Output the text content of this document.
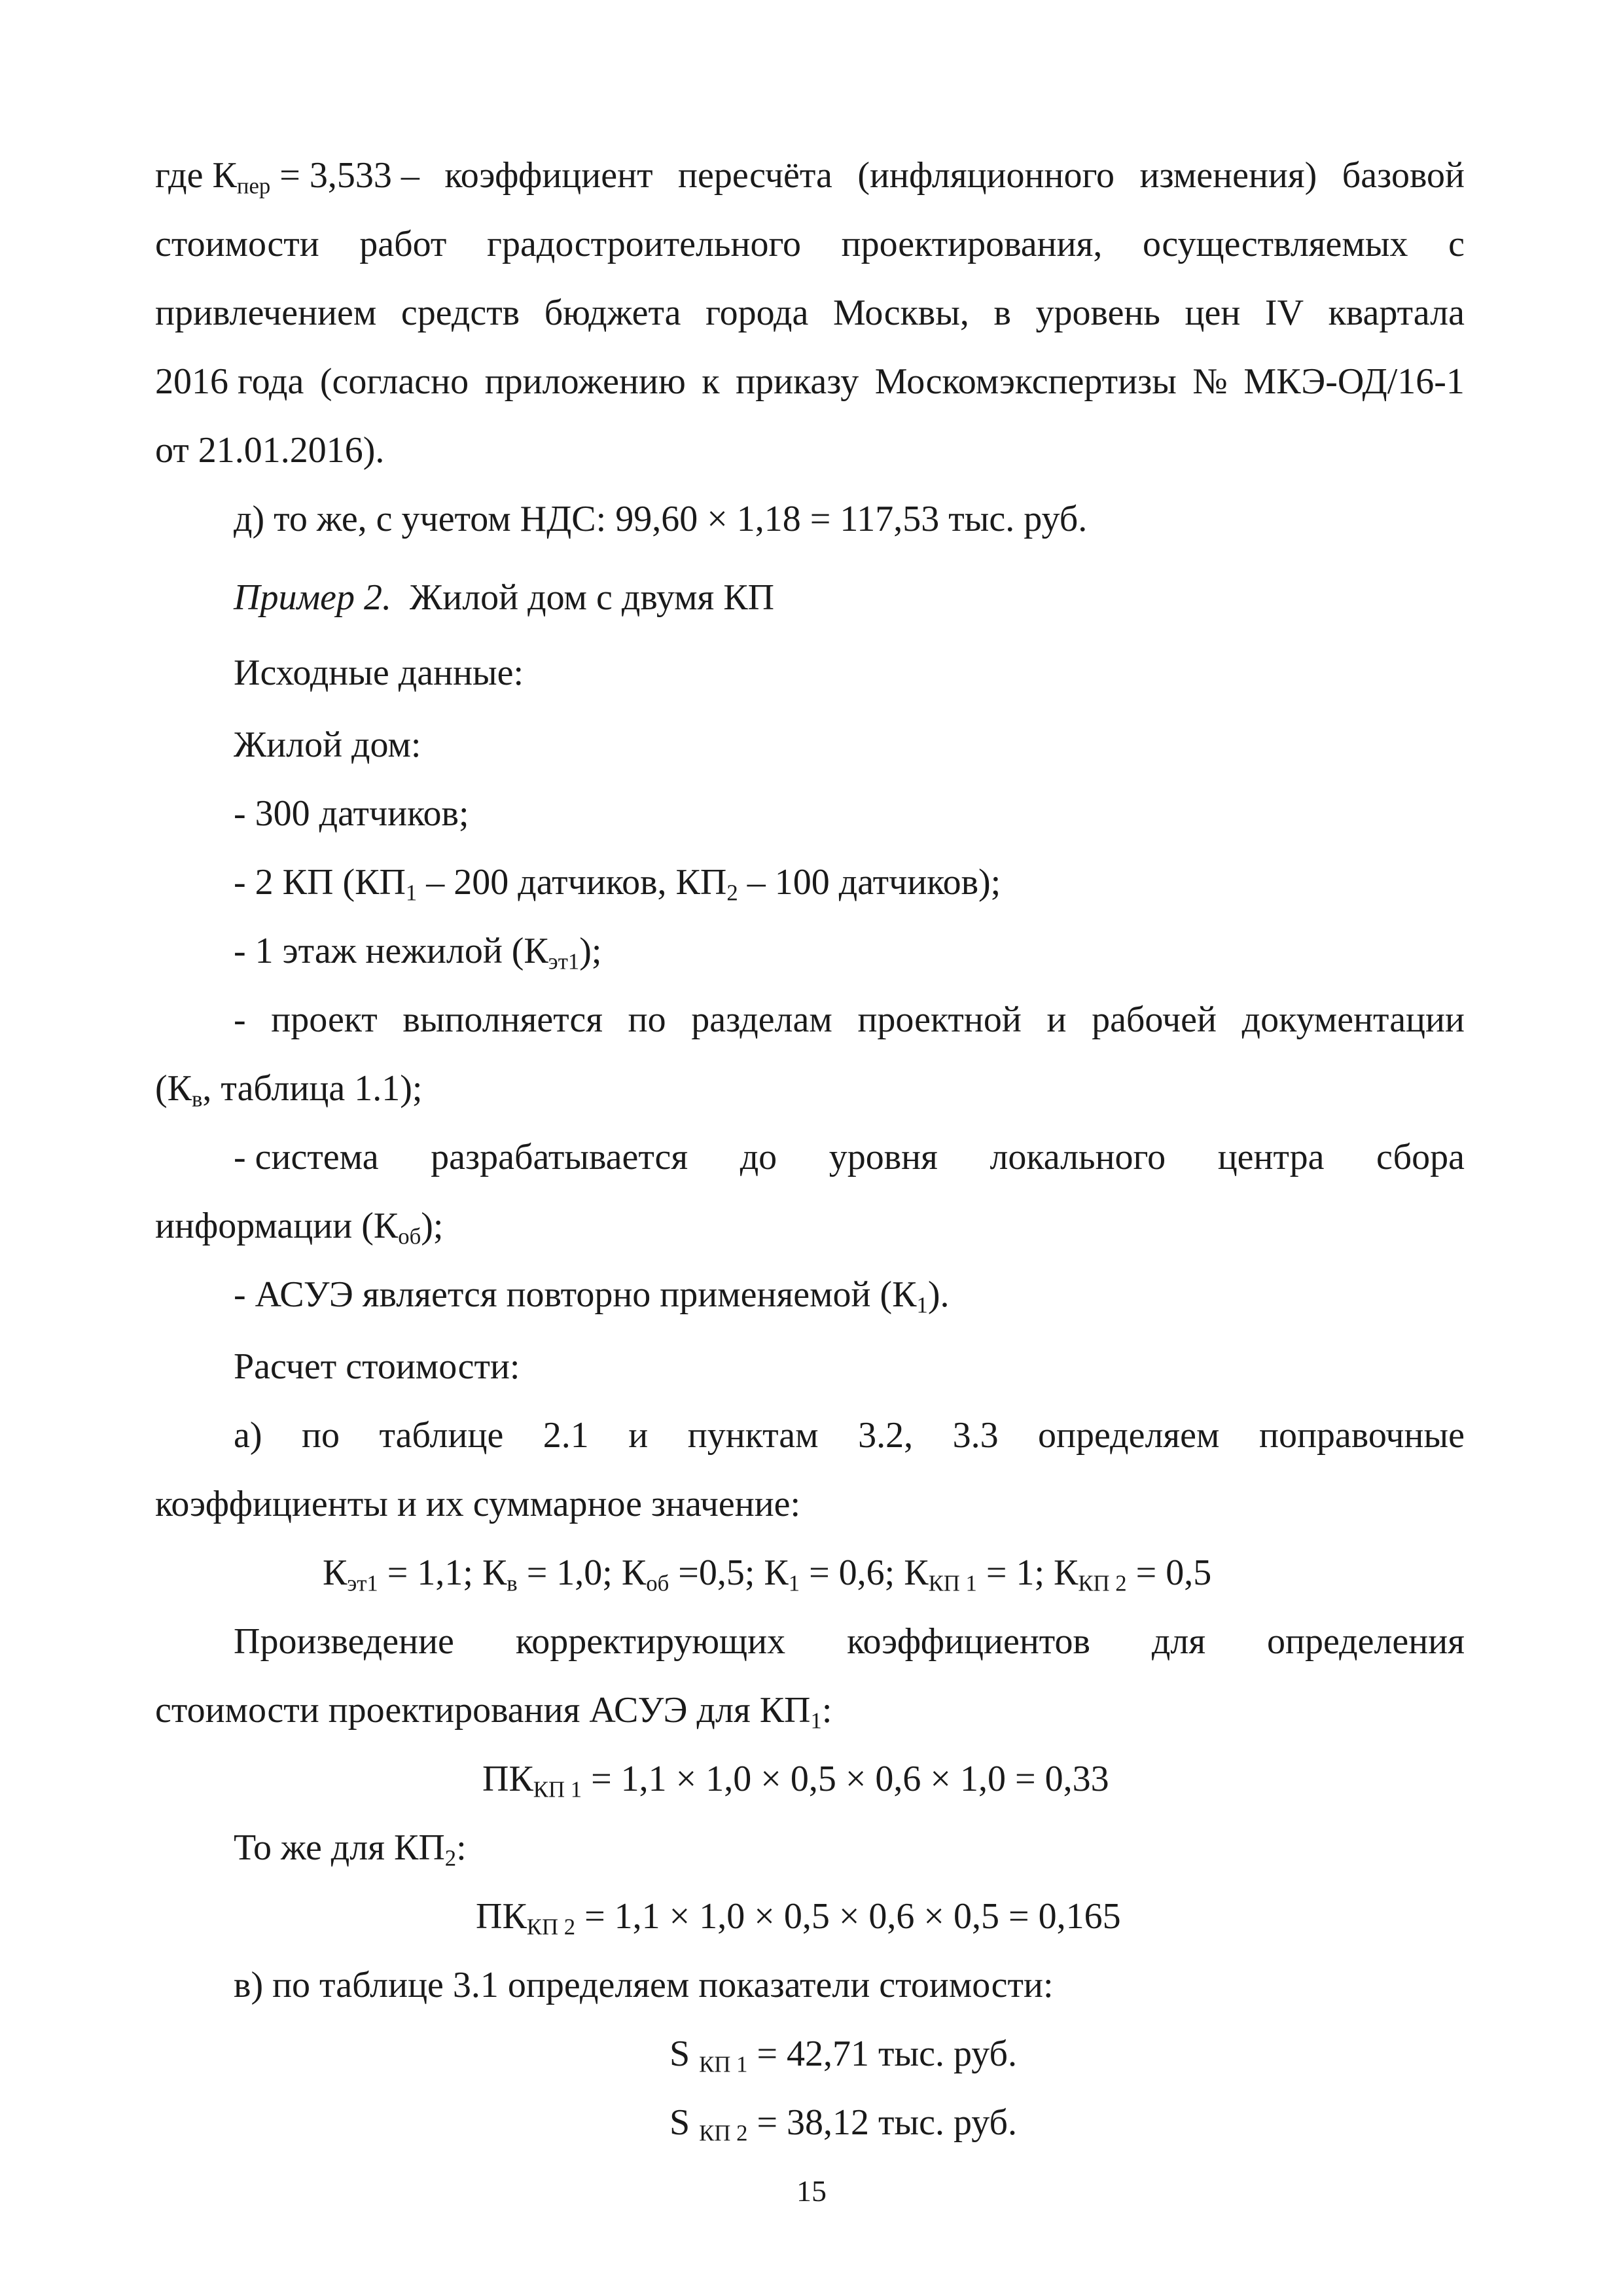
где $К_{пер} = 3,533$ – коэффициент пересчёта (инфляционного изменения) базовой
стоимости работ градостроительного проектирования, осуществляемых с
привлечением средств бюджета города Москвы, в уровень цен IV квартала
2016 года (согласно приложению к приказу Москомэкспертизы № МКЭ-ОД/16-1
от 21.01.2016).
д) то же, с учетом НДС: 99,60 × 1,18 = 117,53 тыс. руб.
Пример 2. Жилой дом с двумя КП
Исходные данные:
Жилой дом:
- 300 датчиков;
- 2 КП ($КП_1 - 200$ датчиков, $КП_2 - 100$ датчиков);
- 1 этаж нежилой $(К_{эт1})$;
- проект выполняется по разделам проектной и рабочей документации
($К_в$, таблица 1.1);
- система разрабатывается до уровня локального центра сбора
информации $(К_{об})$;
- АСУЭ является повторно применяемой $(К_1)$.
Расчет стоимости:
а) по таблице 2.1 и пунктам 3.2, 3.3 определяем поправочные
коэффициенты и их суммарное значение:
$К_{эт1} = 1,1$; $К_в = 1,0$; $К_{об} =0,5$; $К_1 = 0,6$; $К_{КП 1} = 1$; $К_{КП 2} = 0,5$
Произведение корректирующих коэффициентов для определения
стоимости проектирования АСУЭ для $КП_1$:
$ПК_{КП 1} = 1,1 \times 1,0 \times 0,5 \times 0,6 \times 1,0 = 0,33$
То же для $КП_2$:
$ПК_{КП 2} = 1,1 \times 1,0 \times 0,5 \times 0,6 \times 0,5 = 0,165$
в) по таблице 3.1 определяем показатели стоимости:
S $_{КП 1}$ = 42,71 тыс. руб.
S $_{КП 2}$ = 38,12 тыс. руб.
15
